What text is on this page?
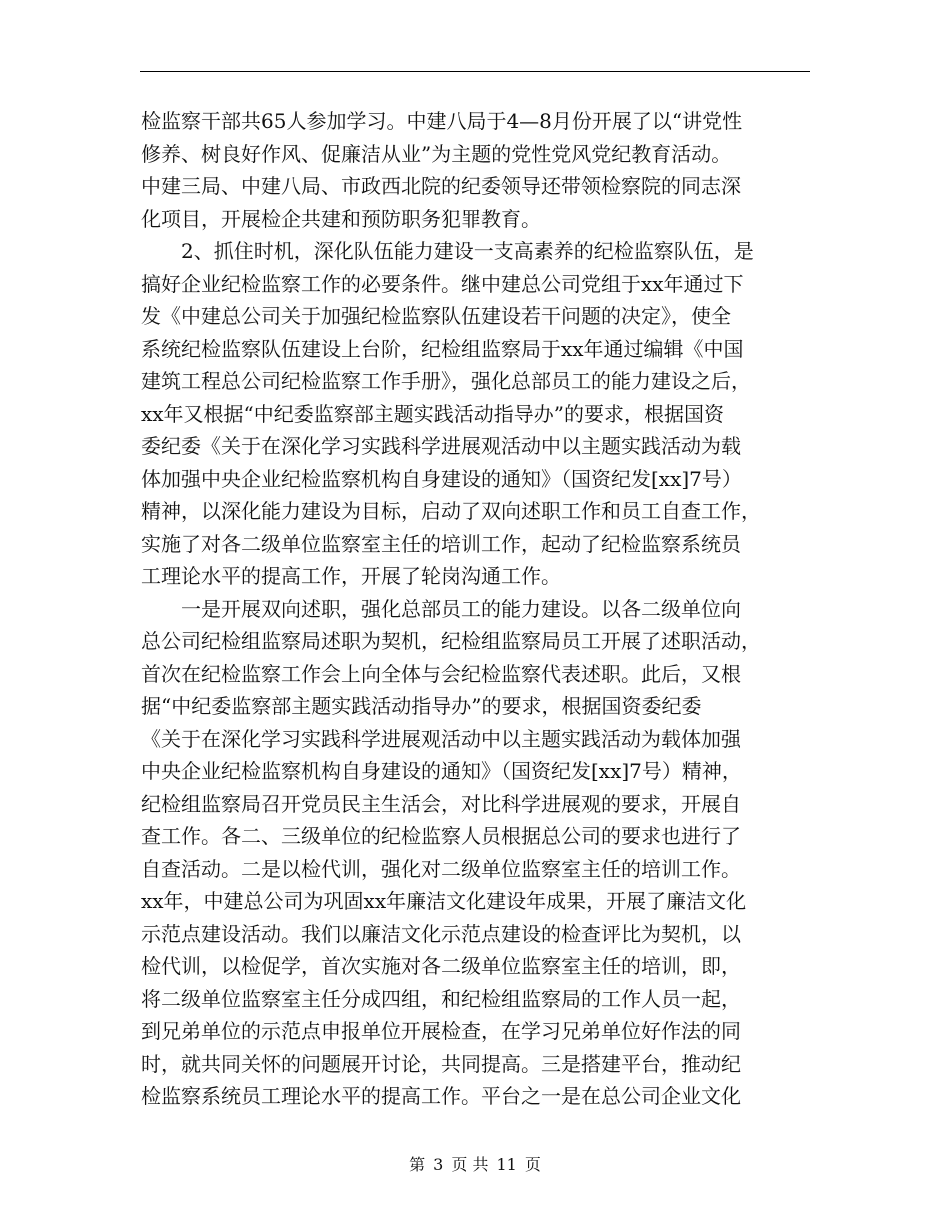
检监察干部共65人参加学习。中建八局于4—8月份开展了以“讲党性
修养、树良好作风、促廉洁从业”为主题的党性党风党纪教育活动。
中建三局、中建八局、市政西北院的纪委领导还带领检察院的同志深
化项目，开展检企共建和预防职务犯罪教育。
　　2、抓住时机，深化队伍能力建设一支高素养的纪检监察队伍，是
搞好企业纪检监察工作的必要条件。继中建总公司党组于xx年通过下
发《中建总公司关于加强纪检监察队伍建设若干问题的决定》，使全
系统纪检监察队伍建设上台阶，纪检组监察局于xx年通过编辑《中国
建筑工程总公司纪检监察工作手册》，强化总部员工的能力建设之后，
xx年又根据“中纪委监察部主题实践活动指导办”的要求，根据国资
委纪委《关于在深化学习实践科学进展观活动中以主题实践活动为载
体加强中央企业纪检监察机构自身建设的通知》（国资纪发[xx]7号）
精神，以深化能力建设为目标，启动了双向述职工作和员工自查工作，
实施了对各二级单位监察室主任的培训工作，起动了纪检监察系统员
工理论水平的提高工作，开展了轮岗沟通工作。
　　一是开展双向述职，强化总部员工的能力建设。以各二级单位向
总公司纪检组监察局述职为契机，纪检组监察局员工开展了述职活动，
首次在纪检监察工作会上向全体与会纪检监察代表述职。此后，又根
据“中纪委监察部主题实践活动指导办”的要求，根据国资委纪委
《关于在深化学习实践科学进展观活动中以主题实践活动为载体加强
中央企业纪检监察机构自身建设的通知》（国资纪发[xx]7号）精神，
纪检组监察局召开党员民主生活会，对比科学进展观的要求，开展自
查工作。各二、三级单位的纪检监察人员根据总公司的要求也进行了
自查活动。二是以检代训，强化对二级单位监察室主任的培训工作。
xx年，中建总公司为巩固xx年廉洁文化建设年成果，开展了廉洁文化
示范点建设活动。我们以廉洁文化示范点建设的检查评比为契机，以
检代训，以检促学，首次实施对各二级单位监察室主任的培训，即，
将二级单位监察室主任分成四组，和纪检组监察局的工作人员一起，
到兄弟单位的示范点申报单位开展检查，在学习兄弟单位好作法的同
时，就共同关怀的问题展开讨论，共同提高。三是搭建平台，推动纪
检监察系统员工理论水平的提高工作。平台之一是在总公司企业文化
第 3 页 共 11 页
